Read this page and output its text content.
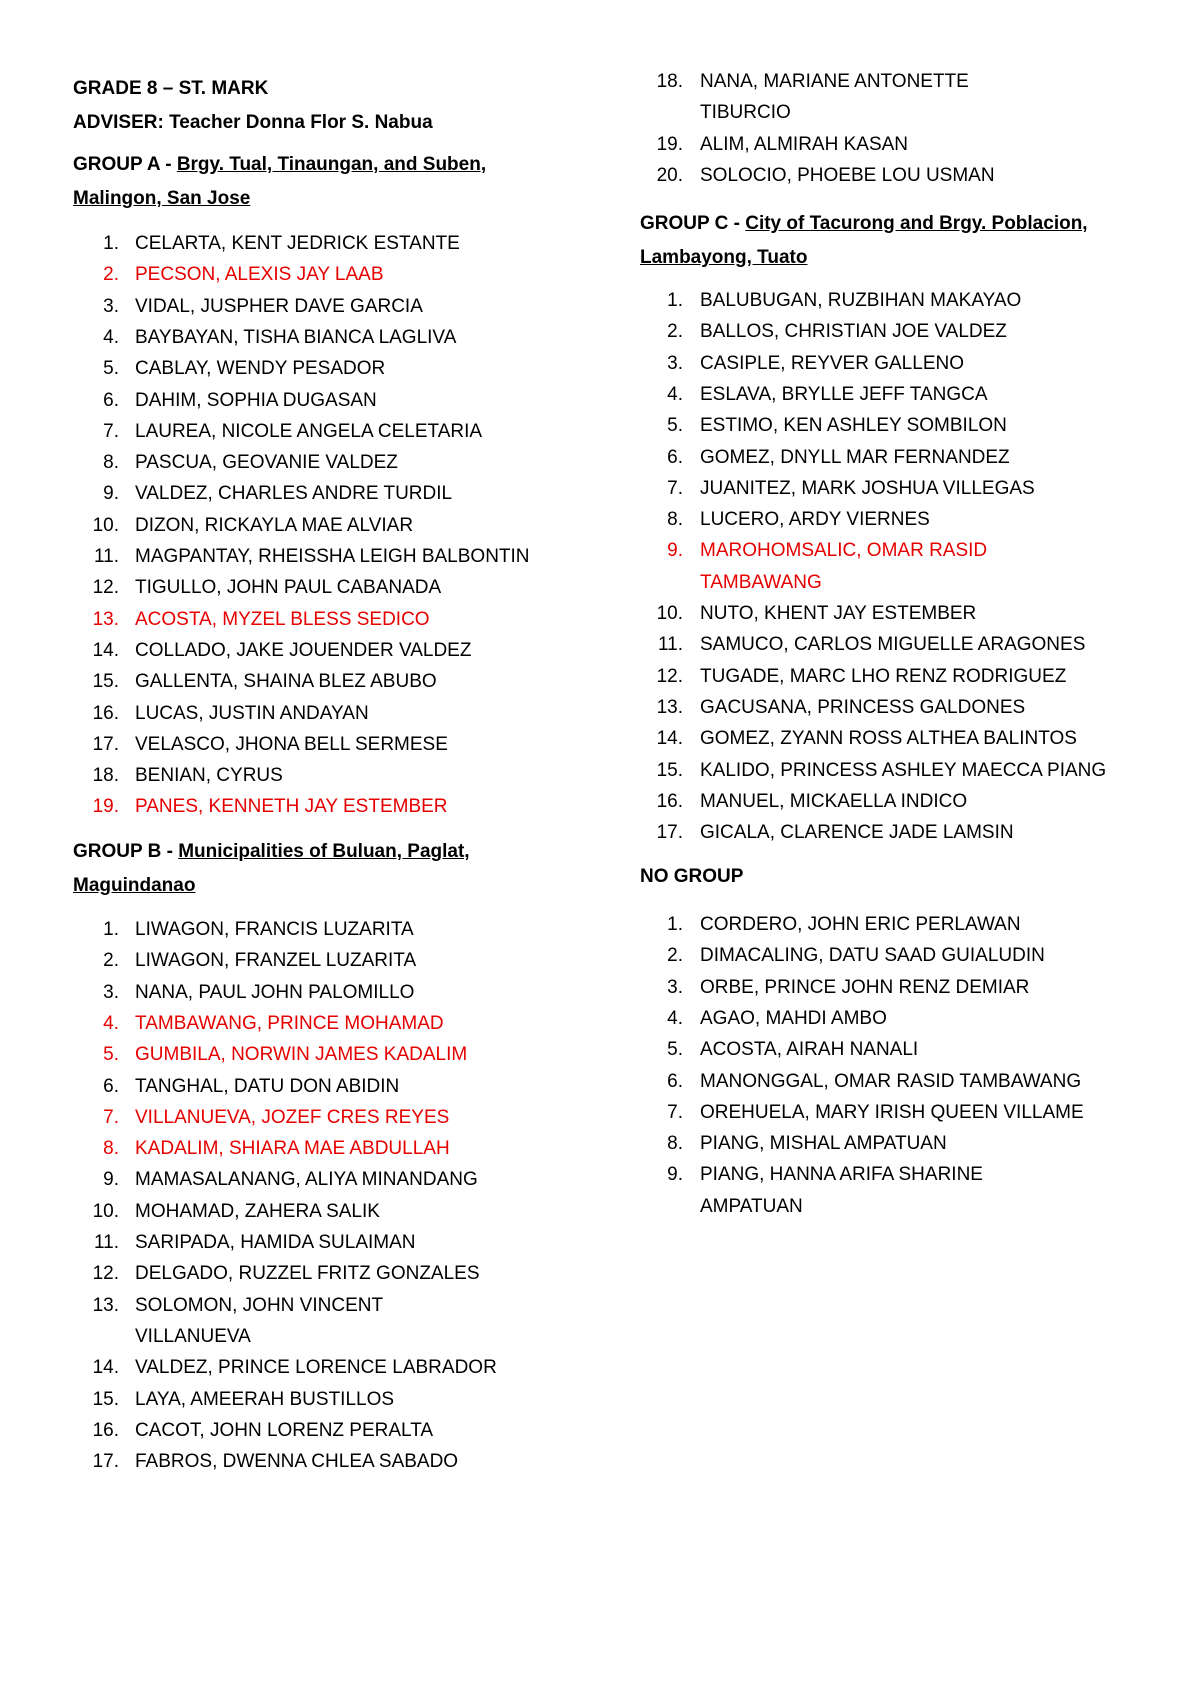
GRADE 8 – ST. MARK
ADVISER: Teacher Donna Flor S. Nabua
GROUP A - Brgy. Tual, Tinaungan, and Suben,
Malingon, San Jose
1. CELARTA, KENT JEDRICK ESTANTE
2. PECSON, ALEXIS JAY LAAB
3. VIDAL, JUSPHER DAVE GARCIA
4. BAYBAYAN, TISHA BIANCA LAGLIVA
5. CABLAY, WENDY PESADOR
6. DAHIM, SOPHIA DUGASAN
7. LAUREA, NICOLE ANGELA CELETARIA
8. PASCUA, GEOVANIE VALDEZ
9. VALDEZ, CHARLES ANDRE TURDIL
10. DIZON, RICKAYLA MAE ALVIAR
11. MAGPANTAY, RHEISSHA LEIGH BALBONTIN
12. TIGULLO, JOHN PAUL CABANADA
13. ACOSTA, MYZEL BLESS SEDICO
14. COLLADO, JAKE JOUENDER VALDEZ
15. GALLENTA, SHAINA BLEZ ABUBO
16. LUCAS, JUSTIN ANDAYAN
17. VELASCO, JHONA BELL SERMESE
18. BENIAN, CYRUS
19. PANES, KENNETH JAY ESTEMBER
GROUP B - Municipalities of Buluan, Paglat,
Maguindanao
1. LIWAGON, FRANCIS LUZARITA
2. LIWAGON, FRANZEL LUZARITA
3. NANA, PAUL JOHN PALOMILLO
4. TAMBAWANG, PRINCE MOHAMAD
5. GUMBILA, NORWIN JAMES KADALIM
6. TANGHAL, DATU DON ABIDIN
7. VILLANUEVA, JOZEF CRES REYES
8. KADALIM, SHIARA MAE ABDULLAH
9. MAMASALANANG, ALIYA MINANDANG
10. MOHAMAD, ZAHERA SALIK
11. SARIPADA, HAMIDA SULAIMAN
12. DELGADO, RUZZEL FRITZ GONZALES
13. SOLOMON, JOHN VINCENT
VILLANUEVA
14. VALDEZ, PRINCE LORENCE LABRADOR
15. LAYA, AMEERAH BUSTILLOS
16. CACOT, JOHN LORENZ PERALTA
17. FABROS, DWENNA CHLEA SABADO
18. NANA, MARIANE ANTONETTE
TIBURCIO
19. ALIM, ALMIRAH KASAN
20. SOLOCIO, PHOEBE LOU USMAN
GROUP C - City of Tacurong and Brgy. Poblacion,
Lambayong, Tuato
1. BALUBUGAN, RUZBIHAN MAKAYAO
2. BALLOS, CHRISTIAN JOE VALDEZ
3. CASIPLE, REYVER GALLENO
4. ESLAVA, BRYLLE JEFF TANGCA
5. ESTIMO, KEN ASHLEY SOMBILON
6. GOMEZ, DNYLL MAR FERNANDEZ
7. JUANITEZ, MARK JOSHUA VILLEGAS
8. LUCERO, ARDY VIERNES
9. MAROHOMSALIC, OMAR RASID
TAMBAWANG
10. NUTO, KHENT JAY ESTEMBER
11. SAMUCO, CARLOS MIGUELLE ARAGONES
12. TUGADE, MARC LHO RENZ RODRIGUEZ
13. GACUSANA, PRINCESS GALDONES
14. GOMEZ, ZYANN ROSS ALTHEA BALINTOS
15. KALIDO, PRINCESS ASHLEY MAECCA PIANG
16. MANUEL, MICKAELLA INDICO
17. GICALA, CLARENCE JADE LAMSIN
NO GROUP
1. CORDERO, JOHN ERIC PERLAWAN
2. DIMACALING, DATU SAAD GUIALUDIN
3. ORBE, PRINCE JOHN RENZ DEMIAR
4. AGAO, MAHDI AMBO
5. ACOSTA, AIRAH NANALI
6. MANONGGAL, OMAR RASID TAMBAWANG
7. OREHUELA, MARY IRISH QUEEN VILLAME
8. PIANG, MISHAL AMPATUAN
9. PIANG, HANNA ARIFA SHARINE
AMPATUAN
